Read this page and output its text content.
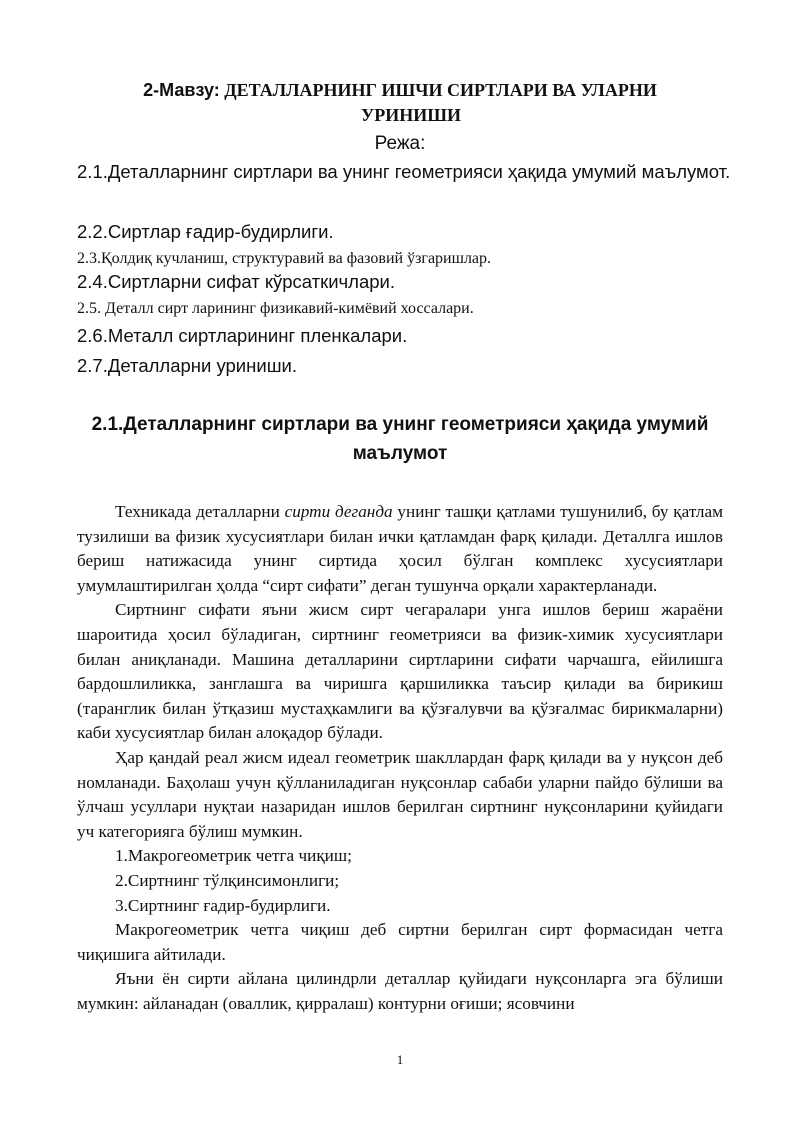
2-Мавзу: ДЕТАЛЛАРНИНГ ИШЧИ СИРТЛАРИ ВА УЛАРНИ
УРИНИШИ
Режа:

2.1.Деталларнинг сиртлари ва унинг геометрияси ҳақида умумий маълумот.

2.2.Сиртлар ғадир-будирлиги.

2.3.Қолдиқ кучланиш, структуравий ва фазовий ўзгаришлар.

2.4.Сиртларни сифат кўрсаткичлари.

2.5. Деталл сирт ларининг физикавий-кимёвий хоссалари.

2.6.Металл сиртларининг пленкалари.

2.7.Деталларни уриниши.

2.1.Деталларнинг сиртлари ва унинг геометрияси ҳақида умумий маълумот

Техникада деталларни сирти деганда унинг ташқи қатлами тушунилиб, бу қатлам тузилиши ва физик хусусиятлари билан ички қатламдан фарқ қилади. Деталлга ишлов бериш натижасида унинг сиртида ҳосил бўлган комплекс хусусиятлари умумлаштирилган ҳолда “сирт сифати” деган тушунча орқали характерланади.

Сиртнинг сифати яъни жисм сирт чегаралари унга ишлов бериш жараёни шароитида ҳосил бўладиган, сиртнинг геометрияси ва физик-химик хусусиятлари билан аниқланади. Машина деталларини сиртларини сифати чарчашга, ейилишга бардошлиликка, занглашга ва чиришга қаршиликка таъсир қилади ва бирикиш (таранглик билан ўтқазиш мустаҳкамлиги ва қўзғалувчи ва қўзғалмас бирикмаларни) каби хусусиятлар билан алоқадор бўлади.

Ҳар қандай реал жисм идеал геометрик шакллардан фарқ қилади ва у нуқсон деб номланади. Баҳолаш учун қўлланиладиган нуқсонлар сабаби уларни пайдо бўлиши ва ўлчаш усуллари нуқтаи назаридан ишлов берилган сиртнинг нуқсонларини қуйидаги уч категорияга бўлиш мумкин.

1.Макрогеометрик четга чиқиш;

2.Сиртнинг тўлқинсимонлиги;

3.Сиртнинг ғадир-будирлиги.

Макрогеометрик четга чиқиш деб сиртни берилган сирт формасидан четга чиқишига айтилади.

Яъни ён сирти айлана цилиндрли деталлар қуйидаги нуқсонларга эга бўлиши мумкин: айланадан (оваллик, қирралаш) контурни оғиши; ясовчини

1
